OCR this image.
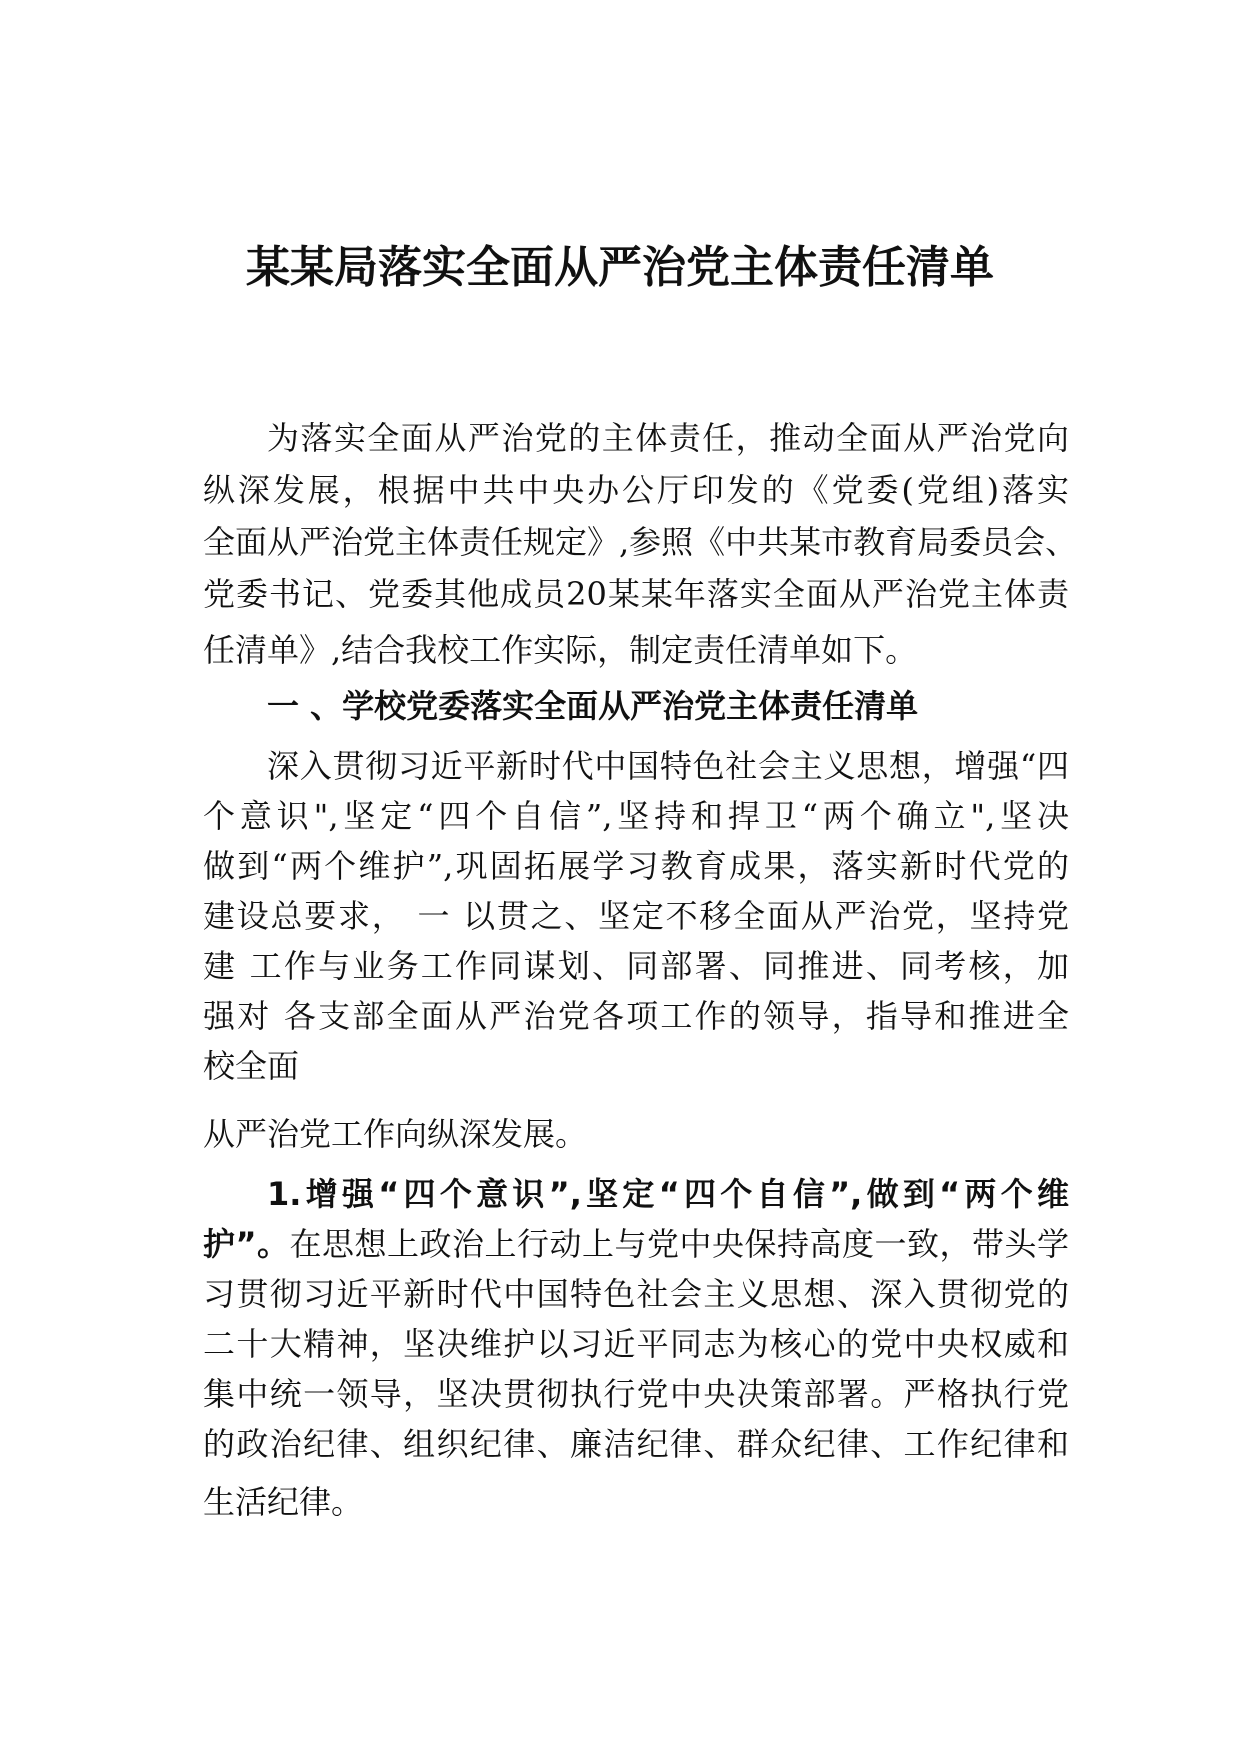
某某局落实全面从严治党主体责任清单

为落实全面从严治党的主体责任，推动全面从严治党向

纵深发展，根据中共中央办公厅印发的《党委(党组)落实

全面从严治党主体责任规定》,参照《中共某市教育局委员会、

党委书记、党委其他成员20某某年落实全面从严治党主体责

任清单》,结合我校工作实际，制定责任清单如下。

一 、学校党委落实全面从严治党主体责任清单

深入贯彻习近平新时代中国特色社会主义思想，增强“四

个意识",坚定“四个自信”,坚持和捍卫“两个确立",坚决

做到“两个维护”,巩固拓展学习教育成果，落实新时代党的

建设总要求， 一 以贯之、坚定不移全面从严治党，坚持党

建 工作与业务工作同谋划、同部署、同推进、同考核，加

强对 各支部全面从严治党各项工作的领导，指导和推进全

校全面

从严治党工作向纵深发展。

1.增强“四个意识”,坚定“四个自信”,做到“两个维

护”。在思想上政治上行动上与党中央保持高度一致，带头学

习贯彻习近平新时代中国特色社会主义思想、深入贯彻党的

二十大精神，坚决维护以习近平同志为核心的党中央权威和

集中统一领导，坚决贯彻执行党中央决策部署。严格执行党

的政治纪律、组织纪律、廉洁纪律、群众纪律、工作纪律和

生活纪律。
